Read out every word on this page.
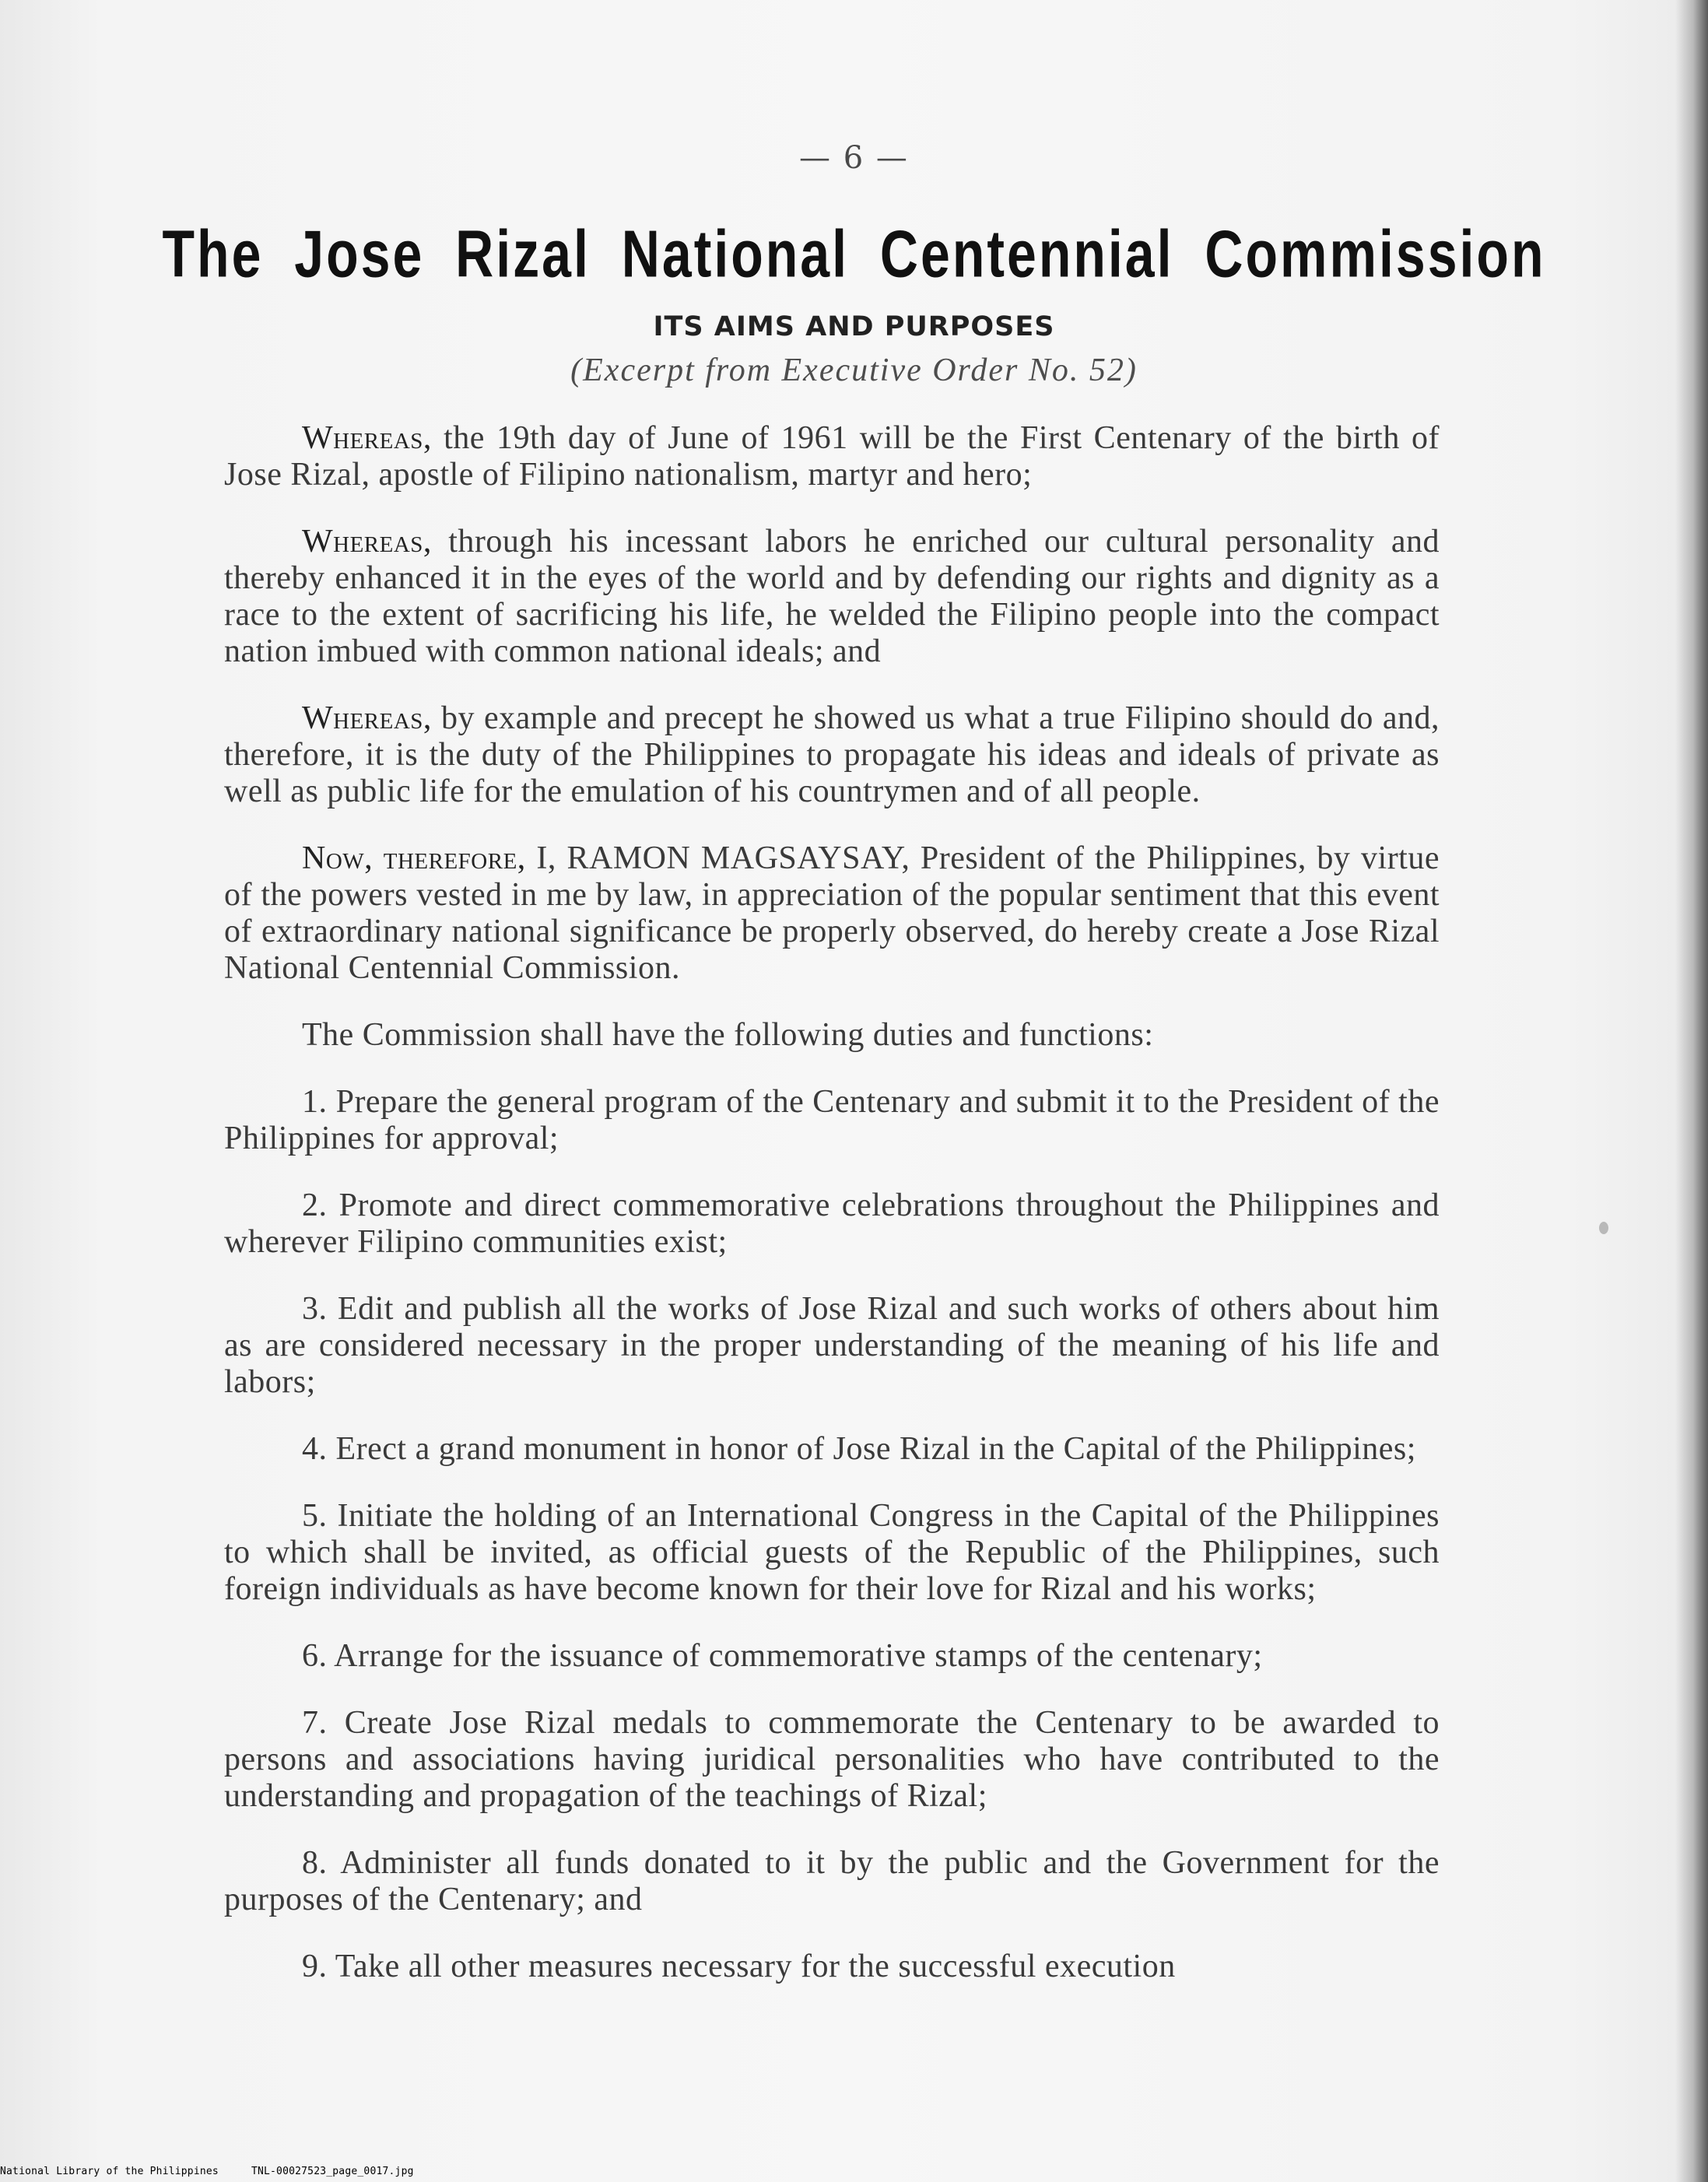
— 6 —
The Jose Rizal National Centennial Commission
ITS AIMS AND PURPOSES
(Excerpt from Executive Order No. 52)

Whereas, the 19th day of June of 1961 will be the First Centenary of the birth of Jose Rizal, apostle of Filipino nationalism, martyr and hero;

Whereas, through his incessant labors he enriched our cultural personality and thereby enhanced it in the eyes of the world and by defending our rights and dignity as a race to the extent of sacrificing his life, he welded the Filipino people into the compact nation imbued with common national ideals; and

Whereas, by example and precept he showed us what a true Filipino should do and, therefore, it is the duty of the Philippines to propagate his ideas and ideals of private as well as public life for the emulation of his countrymen and of all people.

Now, therefore, I, RAMON MAGSAYSAY, President of the Philippines, by virtue of the powers vested in me by law, in appreciation of the popular sentiment that this event of extraordinary national significance be properly observed, do hereby create a Jose Rizal National Centennial Commission.

The Commission shall have the following duties and functions:

1. Prepare the general program of the Centenary and submit it to the President of the Philippines for approval;

2. Promote and direct commemorative celebrations throughout the Philippines and wherever Filipino communities exist;

3. Edit and publish all the works of Jose Rizal and such works of others about him as are considered necessary in the proper understanding of the meaning of his life and labors;

4. Erect a grand monument in honor of Jose Rizal in the Capital of the Philippines;

5. Initiate the holding of an International Congress in the Capital of the Philippines to which shall be invited, as official guests of the Republic of the Philippines, such foreign individuals as have become known for their love for Rizal and his works;

6. Arrange for the issuance of commemorative stamps of the centenary;

7. Create Jose Rizal medals to commemorate the Centenary to be awarded to persons and associations having juridical personalities who have contributed to the understanding and propagation of the teachings of Rizal;

8. Administer all funds donated to it by the public and the Government for the purposes of the Centenary; and

9. Take all other measures necessary for the successful execution

National Library of the Philippines	TNL-00027523_page_0017.jpg
